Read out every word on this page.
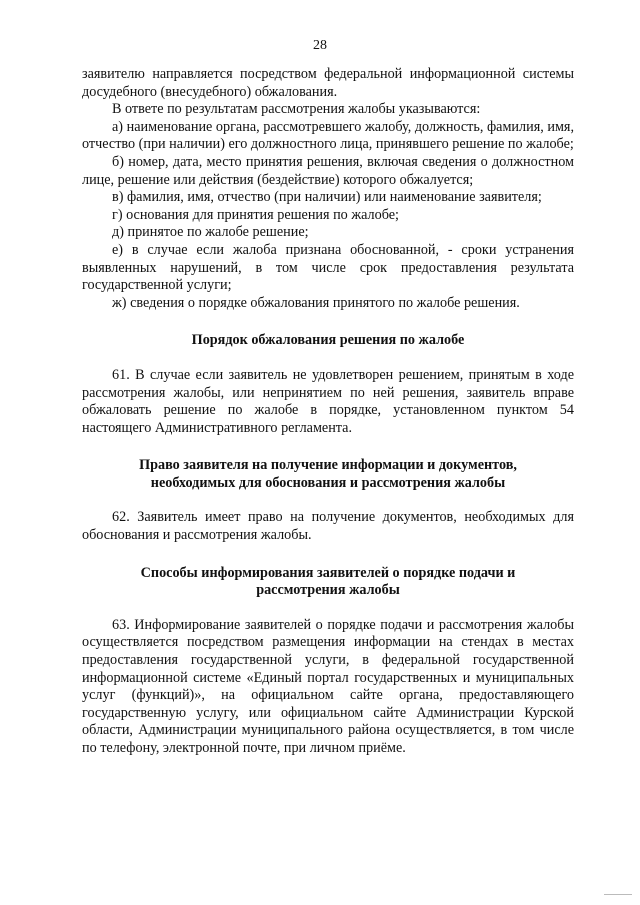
28

заявителю направляется посредством федеральной информационной системы досудебного (внесудебного) обжалования.

В ответе по результатам рассмотрения жалобы указываются:

а) наименование органа, рассмотревшего жалобу, должность, фамилия, имя, отчество (при наличии) его должностного лица, принявшего решение по жалобе;

б) номер, дата, место принятия решения, включая сведения о должностном лице, решение или действия (бездействие) которого обжалуется;

в) фамилия, имя, отчество (при наличии) или наименование заявителя;

г) основания для принятия решения по жалобе;

д) принятое по жалобе решение;

е) в случае если жалоба признана обоснованной, - сроки устранения выявленных нарушений, в том числе срок предоставления результата государственной услуги;

ж) сведения о порядке обжалования принятого по жалобе решения.

Порядок обжалования решения по жалобе

61. В случае если заявитель не удовлетворен решением, принятым в ходе рассмотрения жалобы, или непринятием по ней решения, заявитель вправе обжаловать решение по жалобе в порядке, установленном пунктом 54 настоящего Административного регламента.

Право заявителя на получение информации и документов,

необходимых для обоснования и рассмотрения жалобы

62. Заявитель имеет право на получение документов, необходимых для обоснования и рассмотрения жалобы.

Способы информирования заявителей о порядке подачи и

рассмотрения жалобы

63. Информирование заявителей о порядке подачи и рассмотрения жалобы осуществляется посредством размещения информации на стендах в местах предоставления государственной услуги, в федеральной государственной информационной системе «Единый портал государственных и муниципальных услуг (функций)», на официальном сайте органа, предоставляющего государственную услугу, или официальном сайте Администрации Курской области, Администрации муниципального района осуществляется, в том числе по телефону, электронной почте, при личном приёме.
